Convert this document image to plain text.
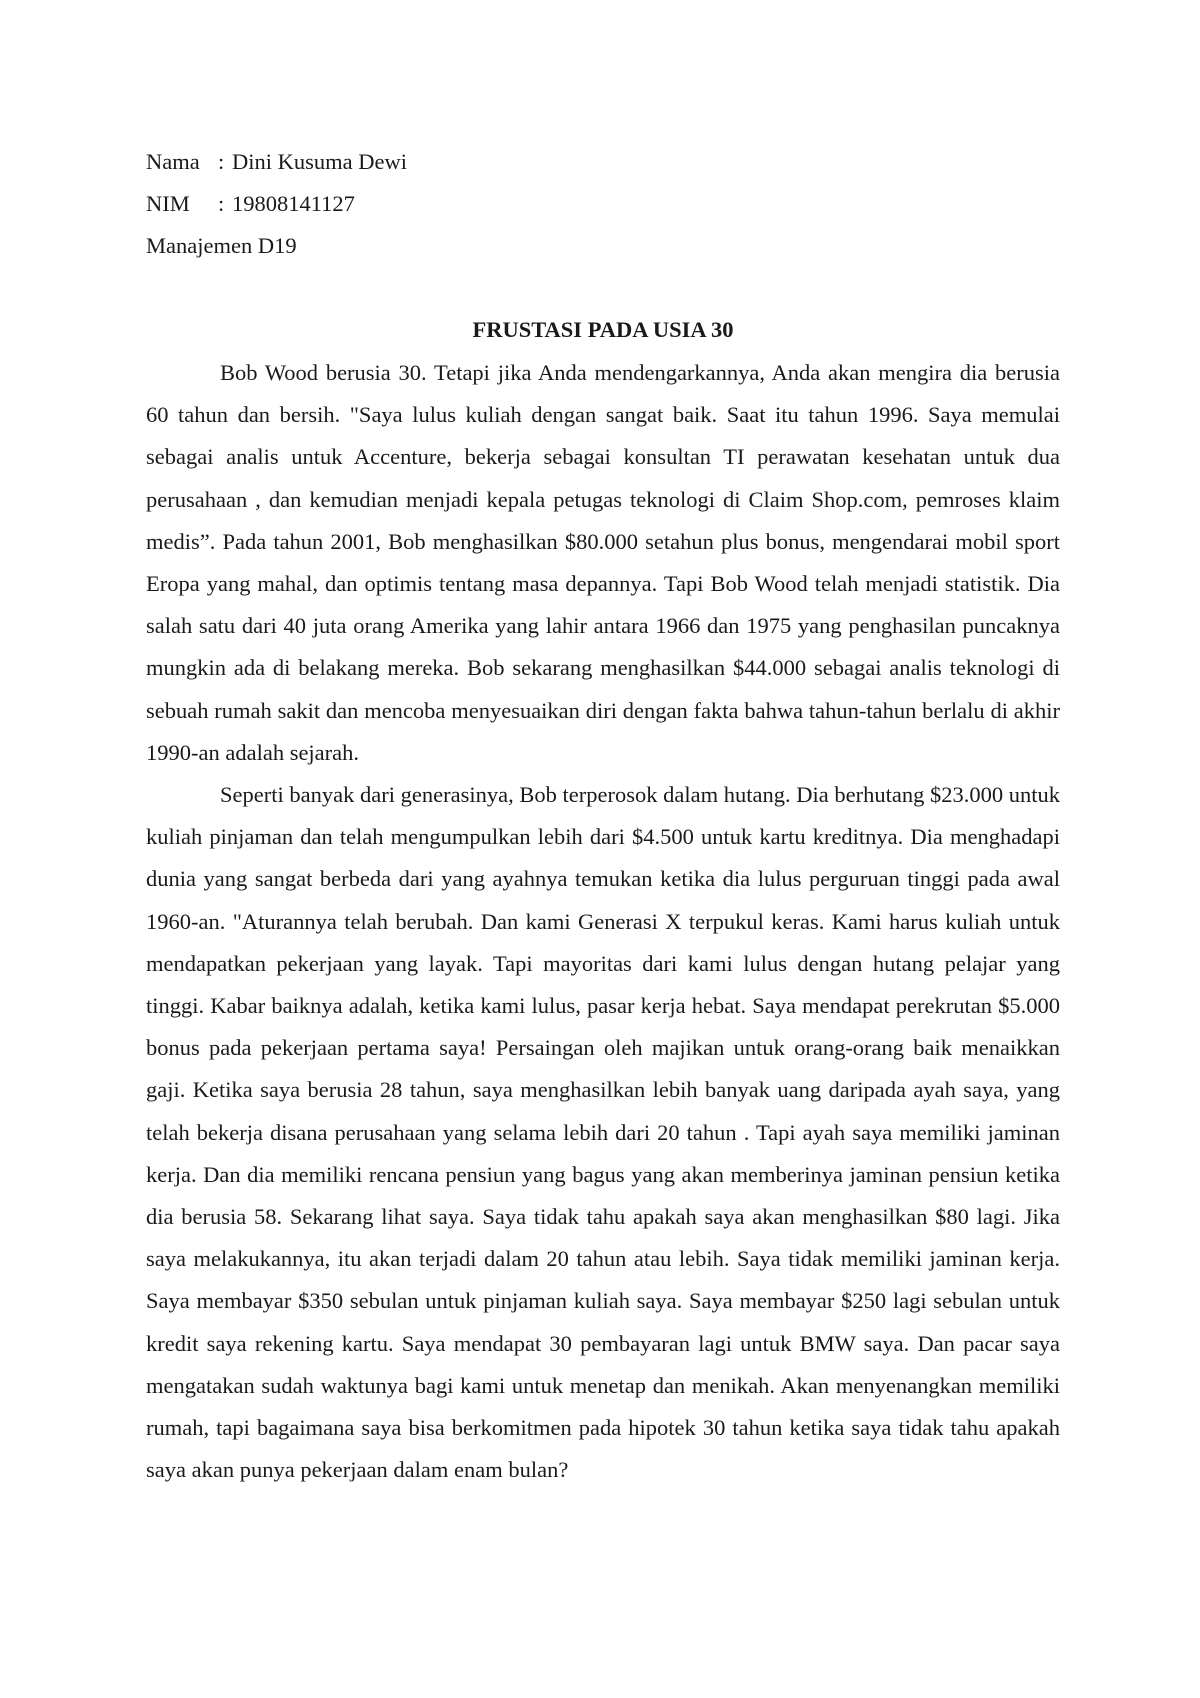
Nama : Dini Kusuma Dewi
NIM : 19808141127
Manajemen D19
FRUSTASI PADA USIA 30

Bob Wood berusia 30. Tetapi jika Anda mendengarkannya, Anda akan mengira dia berusia 60 tahun dan bersih. "Saya lulus kuliah dengan sangat baik. Saat itu tahun 1996. Saya memulai sebagai analis untuk Accenture, bekerja sebagai konsultan TI perawatan kesehatan untuk dua perusahaan , dan kemudian menjadi kepala petugas teknologi di Claim Shop.com, pemroses klaim medis”. Pada tahun 2001, Bob menghasilkan $80.000 setahun plus bonus, mengendarai mobil sport Eropa yang mahal, dan optimis tentang masa depannya. Tapi Bob Wood telah menjadi statistik. Dia salah satu dari 40 juta orang Amerika yang lahir antara 1966 dan 1975 yang penghasilan puncaknya mungkin ada di belakang mereka. Bob sekarang menghasilkan $44.000 sebagai analis teknologi di sebuah rumah sakit dan mencoba menyesuaikan diri dengan fakta bahwa tahun-tahun berlalu di akhir 1990-an adalah sejarah.

Seperti banyak dari generasinya, Bob terperosok dalam hutang. Dia berhutang $23.000 untuk kuliah pinjaman dan telah mengumpulkan lebih dari $4.500 untuk kartu kreditnya. Dia menghadapi dunia yang sangat berbeda dari yang ayahnya temukan ketika dia lulus perguruan tinggi pada awal 1960-an. "Aturannya telah berubah. Dan kami Generasi X terpukul keras. Kami harus kuliah untuk mendapatkan pekerjaan yang layak. Tapi mayoritas dari kami lulus dengan hutang pelajar yang tinggi. Kabar baiknya adalah, ketika kami lulus, pasar kerja hebat. Saya mendapat perekrutan $5.000 bonus pada pekerjaan pertama saya! Persaingan oleh majikan untuk orang-orang baik menaikkan gaji. Ketika saya berusia 28 tahun, saya menghasilkan lebih banyak uang daripada ayah saya, yang telah bekerja disana perusahaan yang selama lebih dari 20 tahun . Tapi ayah saya memiliki jaminan kerja. Dan dia memiliki rencana pensiun yang bagus yang akan memberinya jaminan pensiun ketika dia berusia 58. Sekarang lihat saya. Saya tidak tahu apakah saya akan menghasilkan $80 lagi. Jika saya melakukannya, itu akan terjadi dalam 20 tahun atau lebih. Saya tidak memiliki jaminan kerja. Saya membayar $350 sebulan untuk pinjaman kuliah saya. Saya membayar $250 lagi sebulan untuk kredit saya rekening kartu. Saya mendapat 30 pembayaran lagi untuk BMW saya. Dan pacar saya mengatakan sudah waktunya bagi kami untuk menetap dan menikah. Akan menyenangkan memiliki rumah, tapi bagaimana saya bisa berkomitmen pada hipotek 30 tahun ketika saya tidak tahu apakah saya akan punya pekerjaan dalam enam bulan?
